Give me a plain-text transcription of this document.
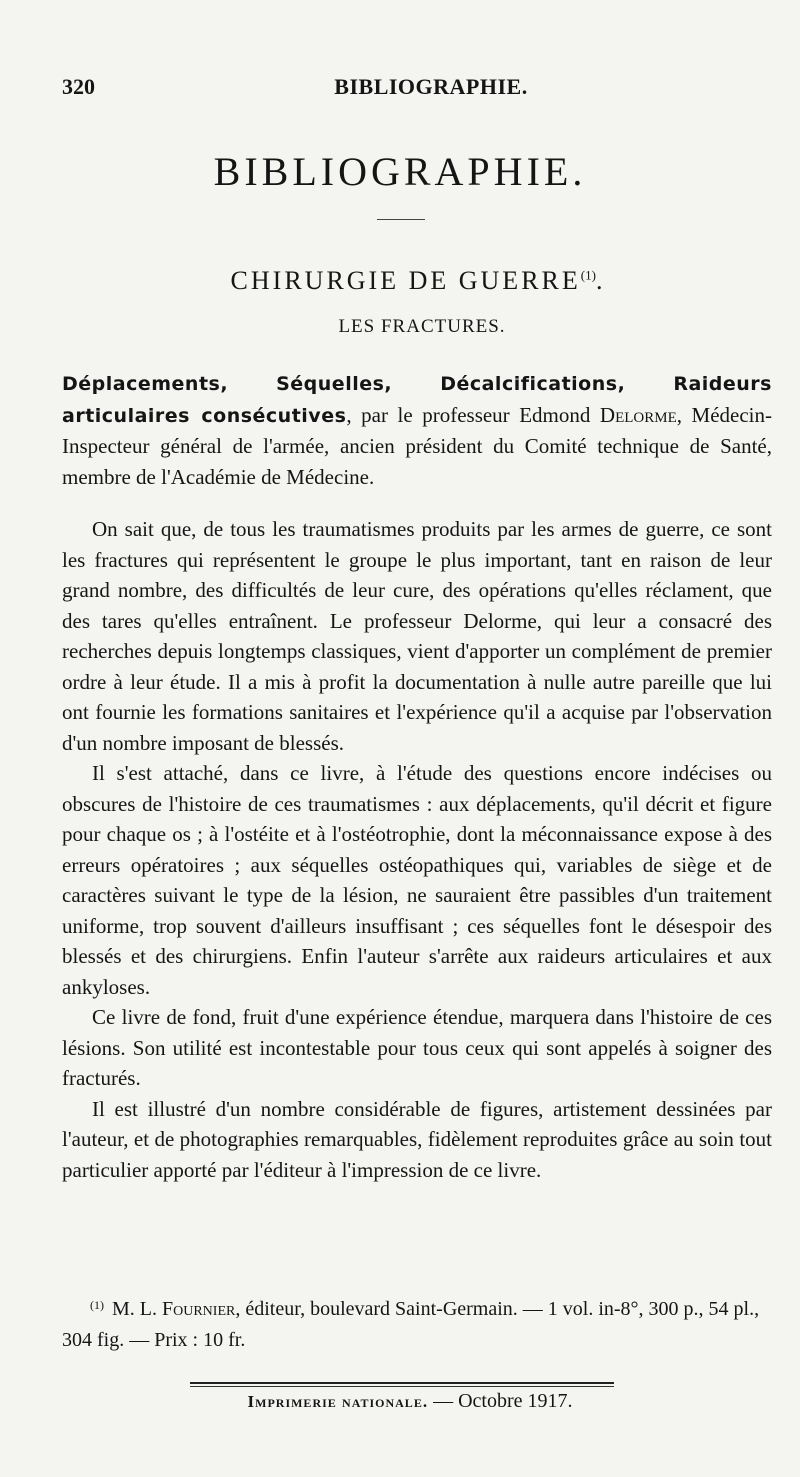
320	BIBLIOGRAPHIE.
BIBLIOGRAPHIE.
CHIRURGIE DE GUERRE$^{(1)}$.
LES FRACTURES.

Déplacements, Séquelles, Décalcifications, Raideurs articulaires consécutives, par le professeur Edmond Delorme, Médecin-Inspecteur général de l'armée, ancien président du Comité technique de Santé, membre de l'Académie de Médecine.

On sait que, de tous les traumatismes produits par les armes de guerre, ce sont les fractures qui représentent le groupe le plus important, tant en raison de leur grand nombre, des difficultés de leur cure, des opérations qu'elles réclament, que des tares qu'elles entraînent. Le professeur Delorme, qui leur a consacré des recherches depuis longtemps classiques, vient d'apporter un complément de premier ordre à leur étude. Il a mis à profit la documentation à nulle autre pareille que lui ont fournie les formations sanitaires et l'expérience qu'il a acquise par l'observation d'un nombre imposant de blessés.

Il s'est attaché, dans ce livre, à l'étude des questions encore indécises ou obscures de l'histoire de ces traumatismes : aux déplacements, qu'il décrit et figure pour chaque os ; à l'ostéite et à l'ostéotrophie, dont la méconnaissance expose à des erreurs opératoires ; aux séquelles ostéopathiques qui, variables de siège et de caractères suivant le type de la lésion, ne sauraient être passibles d'un traitement uniforme, trop souvent d'ailleurs insuffisant ; ces séquelles font le désespoir des blessés et des chirurgiens. Enfin l'auteur s'arrête aux raideurs articulaires et aux ankyloses.

Ce livre de fond, fruit d'une expérience étendue, marquera dans l'histoire de ces lésions. Son utilité est incontestable pour tous ceux qui sont appelés à soigner des fracturés.

Il est illustré d'un nombre considérable de figures, artistement dessinées par l'auteur, et de photographies remarquables, fidèlement reproduites grâce au soin tout particulier apporté par l'éditeur à l'impression de ce livre.

$^{(1)}$ M. L. Fournier, éditeur, boulevard Saint-Germain. — 1 vol. in-8°, 300 p., 54 pl., 304 fig. — Prix : 10 fr.
Imprimerie nationale. — Octobre 1917.
